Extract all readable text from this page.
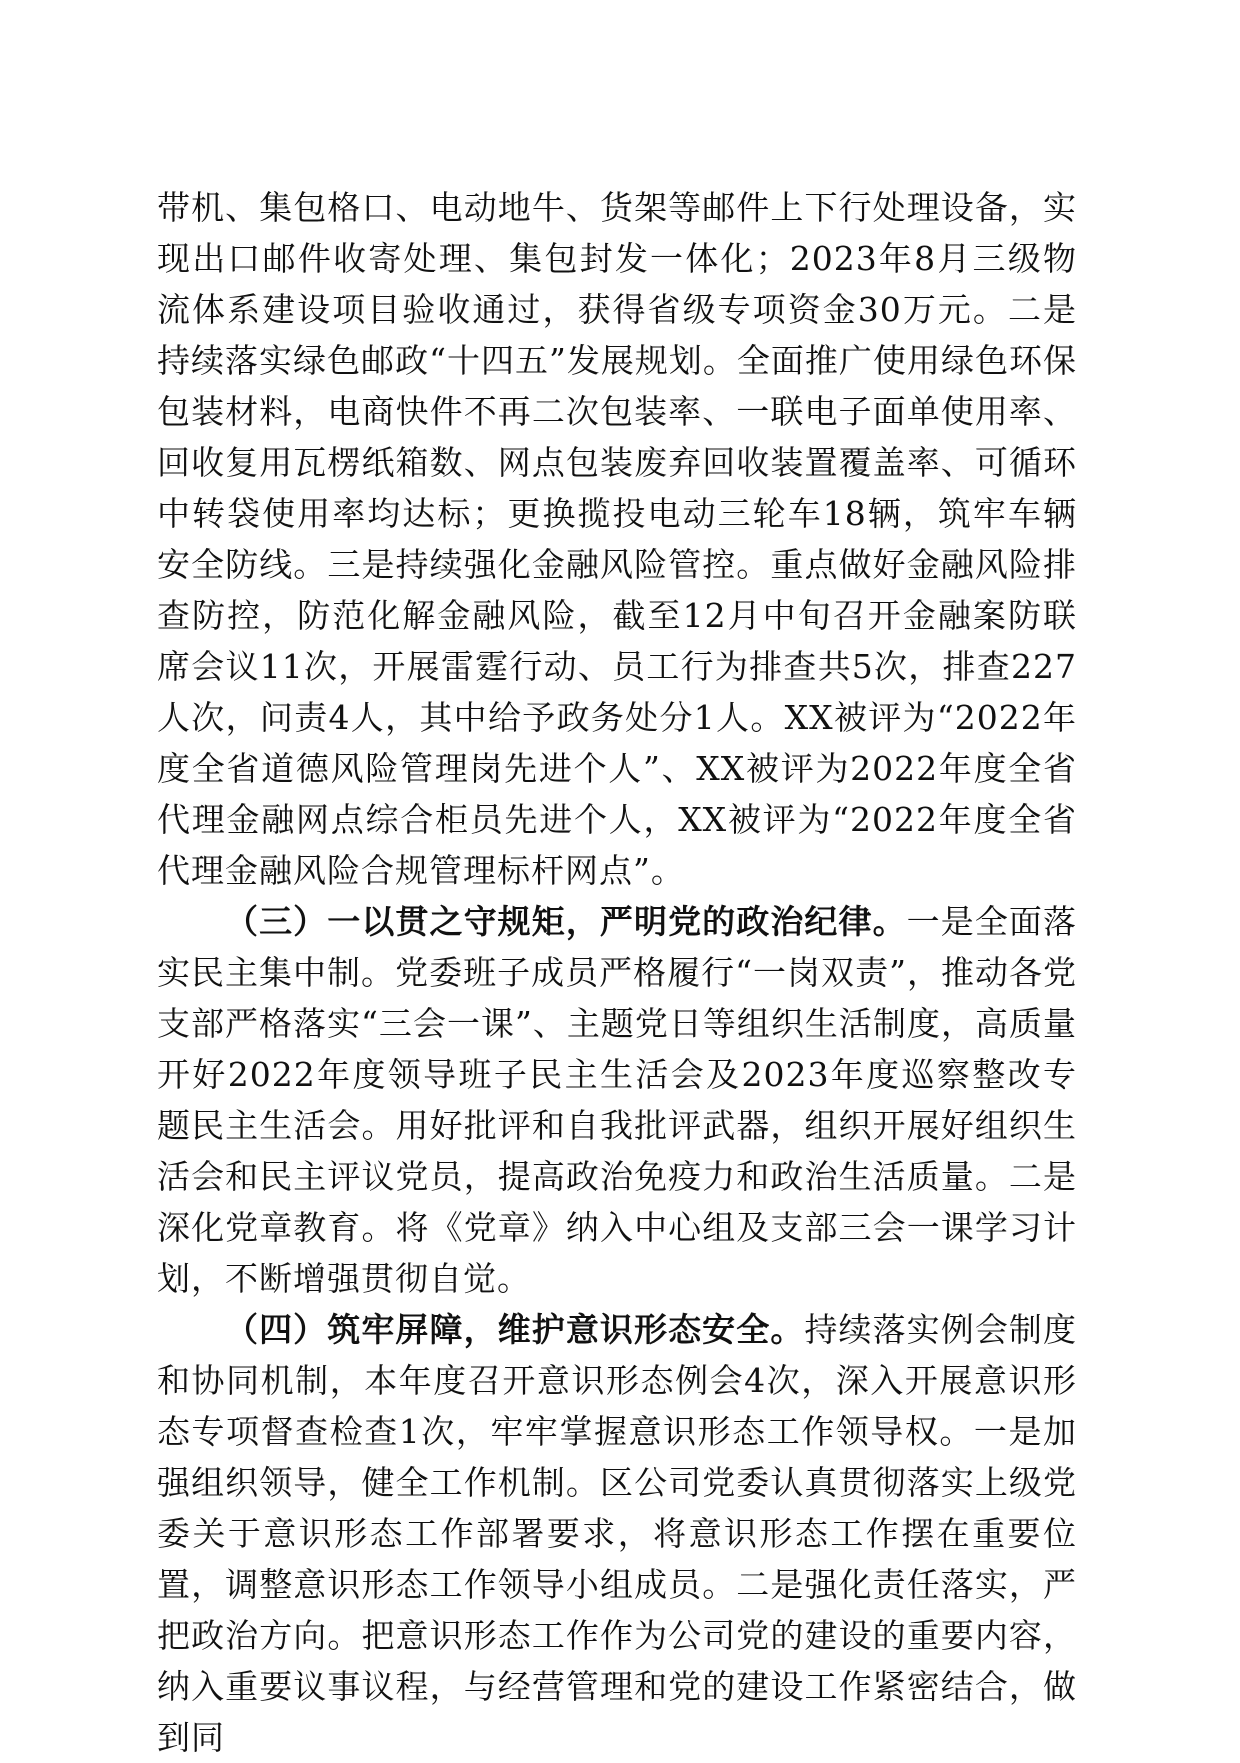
带机、集包格口、电动地牛、货架等邮件上下行处理设备，实现出口邮件收寄处理、集包封发一体化；2023年8月三级物流体系建设项目验收通过，获得省级专项资金30万元。二是持续落实绿色邮政“十四五”发展规划。全面推广使用绿色环保包装材料，电商快件不再二次包装率、一联电子面单使用率、回收复用瓦楞纸箱数、网点包装废弃回收装置覆盖率、可循环中转袋使用率均达标；更换揽投电动三轮车18辆，筑牢车辆安全防线。三是持续强化金融风险管控。重点做好金融风险排查防控，防范化解金融风险，截至12月中旬召开金融案防联席会议11次，开展雷霆行动、员工行为排查共5次，排查227人次，问责4人，其中给予政务处分1人。XX被评为“2022年度全省道德风险管理岗先进个人”、XX被评为2022年度全省代理金融网点综合柜员先进个人，XX被评为“2022年度全省代理金融风险合规管理标杆网点”。

（三）一以贯之守规矩，严明党的政治纪律。一是全面落实民主集中制。党委班子成员严格履行“一岗双责”，推动各党支部严格落实“三会一课”、主题党日等组织生活制度，高质量开好2022年度领导班子民主生活会及2023年度巡察整改专题民主生活会。用好批评和自我批评武器，组织开展好组织生活会和民主评议党员，提高政治免疫力和政治生活质量。二是深化党章教育。将《党章》纳入中心组及支部三会一课学习计划，不断增强贯彻自觉。

（四）筑牢屏障，维护意识形态安全。持续落实例会制度和协同机制，本年度召开意识形态例会4次，深入开展意识形态专项督查检查1次，牢牢掌握意识形态工作领导权。一是加强组织领导，健全工作机制。区公司党委认真贯彻落实上级党委关于意识形态工作部署要求，将意识形态工作摆在重要位置，调整意识形态工作领导小组成员。二是强化责任落实，严把政治方向。把意识形态工作作为公司党的建设的重要内容，纳入重要议事议程，与经营管理和党的建设工作紧密结合，做到同
